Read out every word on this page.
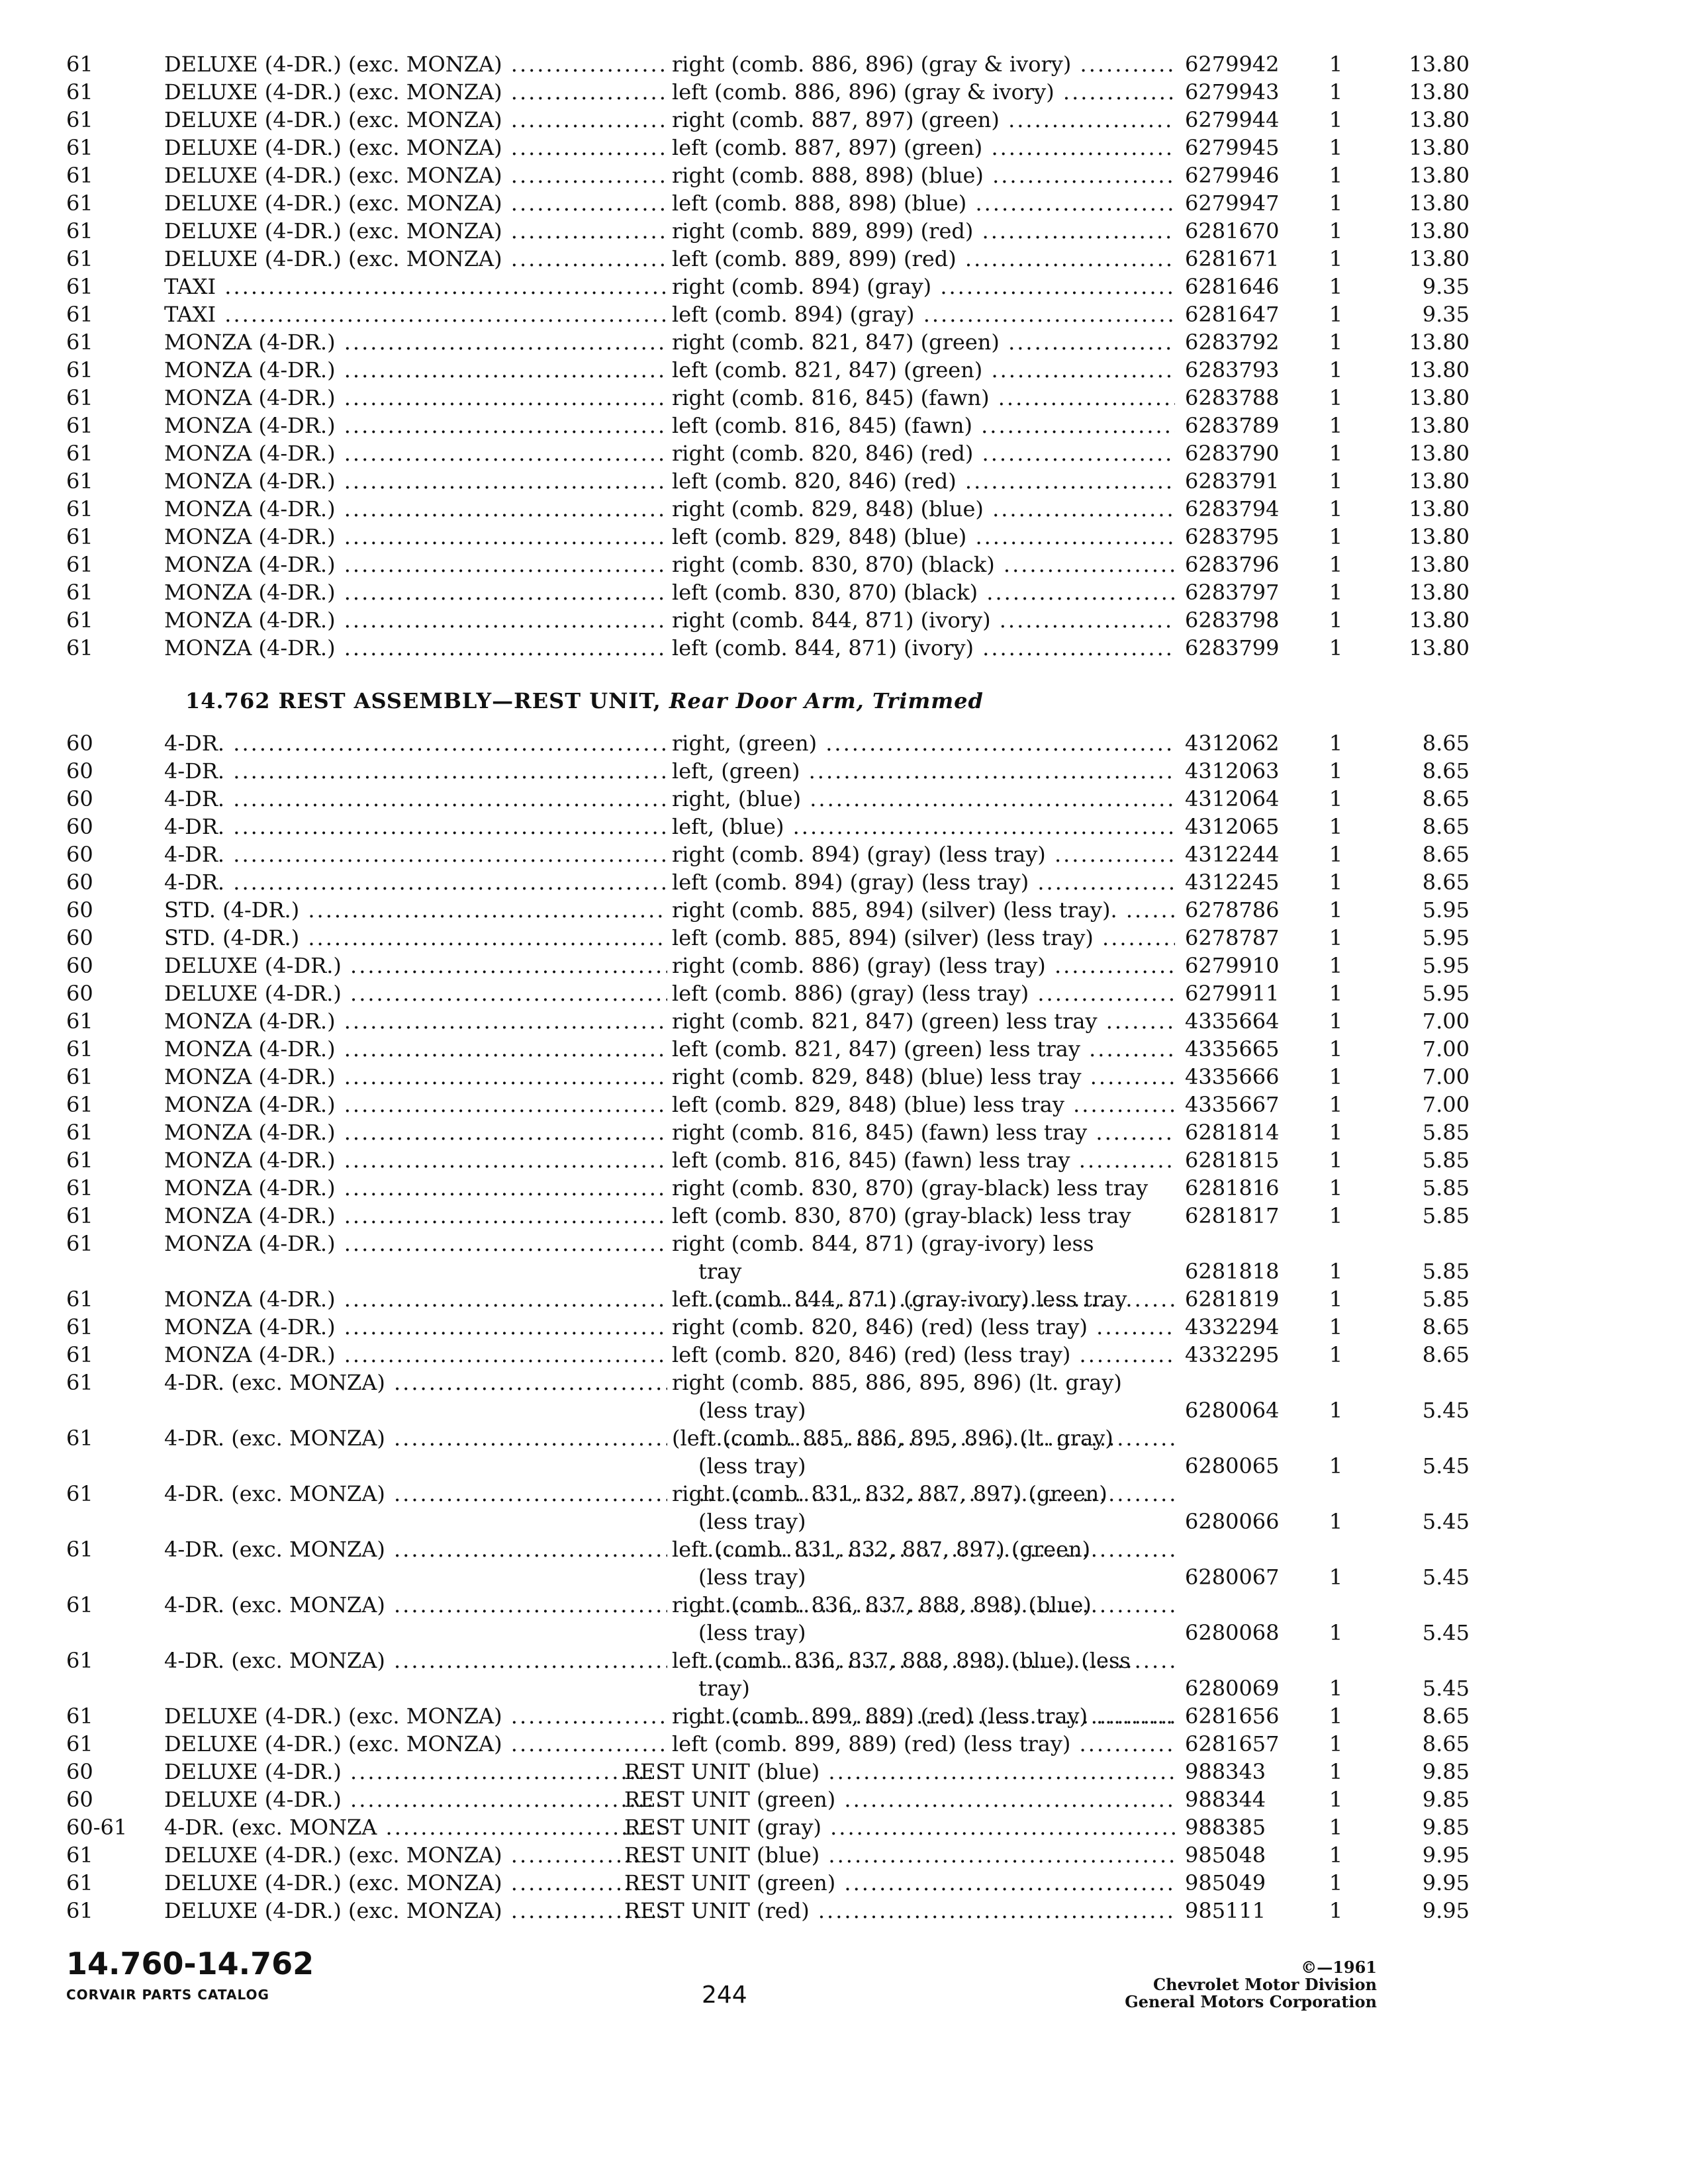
61	DELUXE (4-DR.) (exc. MONZA) .....	right (comb. 886, 896) (gray & ivory) .....	6279942	1	13.80
61	DELUXE (4-DR.) (exc. MONZA) .....	left (comb. 886, 896) (gray & ivory) .....	6279943	1	13.80
61	DELUXE (4-DR.) (exc. MONZA) .....	right (comb. 887, 897) (green) .....	6279944	1	13.80
61	DELUXE (4-DR.) (exc. MONZA) .....	left (comb. 887, 897) (green) .....	6279945	1	13.80
61	DELUXE (4-DR.) (exc. MONZA) .....	right (comb. 888, 898) (blue) .....	6279946	1	13.80
61	DELUXE (4-DR.) (exc. MONZA) .....	left (comb. 888, 898) (blue) .....	6279947	1	13.80
61	DELUXE (4-DR.) (exc. MONZA) .....	right (comb. 889, 899) (red) .....	6281670	1	13.80
61	DELUXE (4-DR.) (exc. MONZA) .....	left (comb. 889, 899) (red) .....	6281671	1	13.80
61	TAXI .....	right (comb. 894) (gray) .....	6281646	1	9.35
61	TAXI .....	left (comb. 894) (gray) .....	6281647	1	9.35
61	MONZA (4-DR.) .....	right (comb. 821, 847) (green) .....	6283792	1	13.80
61	MONZA (4-DR.) .....	left (comb. 821, 847) (green) .....	6283793	1	13.80
61	MONZA (4-DR.) .....	right (comb. 816, 845) (fawn) .....	6283788	1	13.80
61	MONZA (4-DR.) .....	left (comb. 816, 845) (fawn) .....	6283789	1	13.80
61	MONZA (4-DR.) .....	right (comb. 820, 846) (red) .....	6283790	1	13.80
61	MONZA (4-DR.) .....	left (comb. 820, 846) (red) .....	6283791	1	13.80
61	MONZA (4-DR.) .....	right (comb. 829, 848) (blue) .....	6283794	1	13.80
61	MONZA (4-DR.) .....	left (comb. 829, 848) (blue) .....	6283795	1	13.80
61	MONZA (4-DR.) .....	right (comb. 830, 870) (black) .....	6283796	1	13.80
61	MONZA (4-DR.) .....	left (comb. 830, 870) (black) .....	6283797	1	13.80
61	MONZA (4-DR.) .....	right (comb. 844, 871) (ivory) .....	6283798	1	13.80
61	MONZA (4-DR.) .....	left (comb. 844, 871) (ivory) .....	6283799	1	13.80
14.762 REST ASSEMBLY—REST UNIT, Rear Door Arm, Trimmed
60	4-DR. .....	right, (green) .....	4312062	1	8.65
60	4-DR. .....	left, (green) .....	4312063	1	8.65
60	4-DR. .....	right, (blue) .....	4312064	1	8.65
60	4-DR. .....	left, (blue) .....	4312065	1	8.65
60	4-DR. .....	right (comb. 894) (gray) (less tray) .....	4312244	1	8.65
60	4-DR. .....	left (comb. 894) (gray) (less tray) .....	4312245	1	8.65
60	STD. (4-DR.) .....	right (comb. 885, 894) (silver) (less tray). .....	6278786	1	5.95
60	STD. (4-DR.) .....	left (comb. 885, 894) (silver) (less tray) .....	6278787	1	5.95
60	DELUXE (4-DR.) .....	right (comb. 886) (gray) (less tray) .....	6279910	1	5.95
60	DELUXE (4-DR.) .....	left (comb. 886) (gray) (less tray) .....	6279911	1	5.95
61	MONZA (4-DR.) .....	right (comb. 821, 847) (green) less tray .....	4335664	1	7.00
61	MONZA (4-DR.) .....	left (comb. 821, 847) (green) less tray .....	4335665	1	7.00
61	MONZA (4-DR.) .....	right (comb. 829, 848) (blue) less tray .....	4335666	1	7.00
61	MONZA (4-DR.) .....	left (comb. 829, 848) (blue) less tray .....	4335667	1	7.00
61	MONZA (4-DR.) .....	right (comb. 816, 845) (fawn) less tray .....	6281814	1	5.85
61	MONZA (4-DR.) .....	left (comb. 816, 845) (fawn) less tray .....	6281815	1	5.85
61	MONZA (4-DR.) .....	right (comb. 830, 870) (gray-black) less tray	6281816	1	5.85
61	MONZA (4-DR.) .....	left (comb. 830, 870) (gray-black) less tray	6281817	1	5.85
61	MONZA (4-DR.) .....	right (comb. 844, 871) (gray-ivory) less
tray .....	6281818	1	5.85
61	MONZA (4-DR.) .....	left (comb. 844, 871) (gray-ivory) less tray	6281819	1	5.85
61	MONZA (4-DR.) .....	right (comb. 820, 846) (red) (less tray) .....	4332294	1	8.65
61	MONZA (4-DR.) .....	left (comb. 820, 846) (red) (less tray) .....	4332295	1	8.65
61	4-DR. (exc. MONZA) .....	right (comb. 885, 886, 895, 896) (lt. gray)
(less tray) .....	6280064	1	5.45
61	4-DR. (exc. MONZA) .....	(left (comb. 885, 886, 895, 896) (lt. gray)
(less tray) .....	6280065	1	5.45
61	4-DR. (exc. MONZA) .....	right (comb. 831, 832, 887, 897) (green)
(less tray) .....	6280066	1	5.45
61	4-DR. (exc. MONZA) .....	left (comb. 831, 832, 887, 897) (green)
(less tray) .....	6280067	1	5.45
61	4-DR. (exc. MONZA) .....	right (comb. 836, 837, 888, 898) (blue)
(less tray) .....	6280068	1	5.45
61	4-DR. (exc. MONZA) .....	left (comb. 836, 837, 888, 898) (blue) (less
tray) .....	6280069	1	5.45
61	DELUXE (4-DR.) (exc. MONZA) .....	right (comb. 899, 889) (red) (less tray) .....	6281656	1	8.65
61	DELUXE (4-DR.) (exc. MONZA) .....	left (comb. 899, 889) (red) (less tray) .....	6281657	1	8.65
60	DELUXE (4-DR.) .....	REST UNIT (blue) .....	988343	1	9.85
60	DELUXE (4-DR.) .....	REST UNIT (green) .....	988344	1	9.85
60-61	4-DR. (exc. MONZA .....	REST UNIT (gray) .....	988385	1	9.85
61	DELUXE (4-DR.) (exc. MONZA) .....	REST UNIT (blue) .....	985048	1	9.95
61	DELUXE (4-DR.) (exc. MONZA) .....	REST UNIT (green) .....	985049	1	9.95
61	DELUXE (4-DR.) (exc. MONZA) .....	REST UNIT (red) .....	985111	1	9.95
14.760-14.762
CORVAIR PARTS CATALOG	244
©—1961
Chevrolet Motor Division
General Motors Corporation
